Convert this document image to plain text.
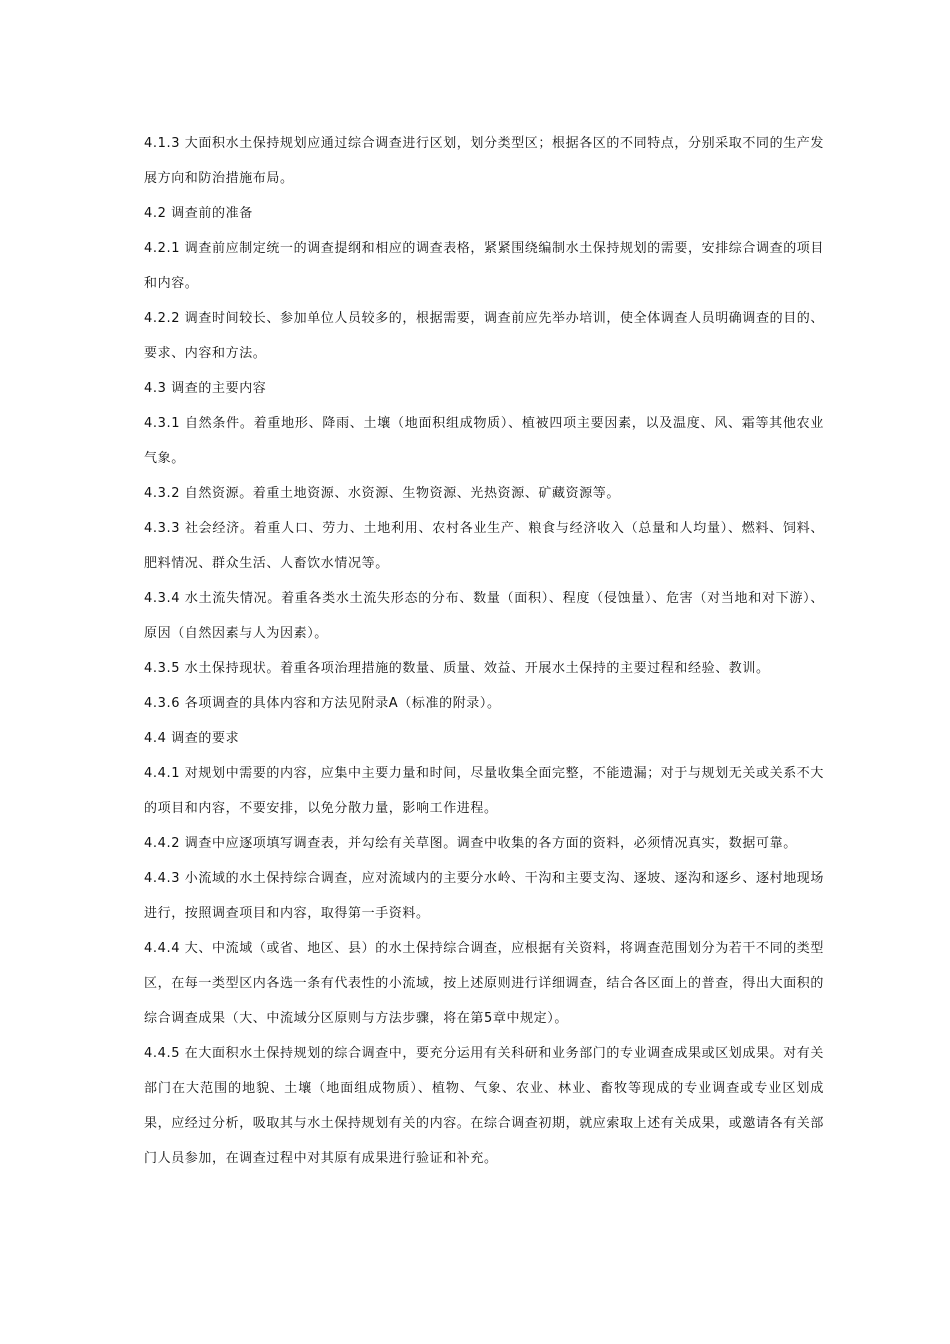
4.1.3 大面积水土保持规划应通过综合调查进行区划，划分类型区；根据各区的不同特点，分别采取不同的生产发展方向和防治措施布局。

4.2 调查前的准备

4.2.1 调查前应制定统一的调查提纲和相应的调查表格，紧紧围绕编制水土保持规划的需要，安排综合调查的项目和内容。

4.2.2 调查时间较长、参加单位人员较多的，根据需要，调查前应先举办培训，使全体调查人员明确调查的目的、要求、内容和方法。

4.3 调查的主要内容

4.3.1 自然条件。着重地形、降雨、土壤（地面积组成物质）、植被四项主要因素，以及温度、风、霜等其他农业气象。

4.3.2 自然资源。着重土地资源、水资源、生物资源、光热资源、矿藏资源等。

4.3.3 社会经济。着重人口、劳力、土地利用、农村各业生产、粮食与经济收入（总量和人均量）、燃料、饲料、肥料情况、群众生活、人畜饮水情况等。

4.3.4 水土流失情况。着重各类水土流失形态的分布、数量（面积）、程度（侵蚀量）、危害（对当地和对下游）、原因（自然因素与人为因素）。

4.3.5 水土保持现状。着重各项治理措施的数量、质量、效益、开展水土保持的主要过程和经验、教训。

4.3.6 各项调查的具体内容和方法见附录A（标准的附录）。

4.4 调查的要求

4.4.1 对规划中需要的内容，应集中主要力量和时间，尽量收集全面完整，不能遗漏；对于与规划无关或关系不大的项目和内容，不要安排，以免分散力量，影响工作进程。

4.4.2 调查中应逐项填写调查表，并勾绘有关草图。调查中收集的各方面的资料，必须情况真实，数据可靠。

4.4.3 小流域的水土保持综合调查，应对流域内的主要分水岭、干沟和主要支沟、逐坡、逐沟和逐乡、逐村地现场进行，按照调查项目和内容，取得第一手资料。

4.4.4 大、中流域（或省、地区、县）的水土保持综合调查，应根据有关资料，将调查范围划分为若干不同的类型区，在每一类型区内各选一条有代表性的小流域，按上述原则进行详细调查，结合各区面上的普查，得出大面积的综合调查成果（大、中流域分区原则与方法步骤，将在第5章中规定）。

4.4.5 在大面积水土保持规划的综合调查中，要充分运用有关科研和业务部门的专业调查成果或区划成果。对有关部门在大范围的地貌、土壤（地面组成物质）、植物、气象、农业、林业、畜牧等现成的专业调查或专业区划成果，应经过分析，吸取其与水土保持规划有关的内容。在综合调查初期，就应索取上述有关成果，或邀请各有关部门人员参加，在调查过程中对其原有成果进行验证和补充。
